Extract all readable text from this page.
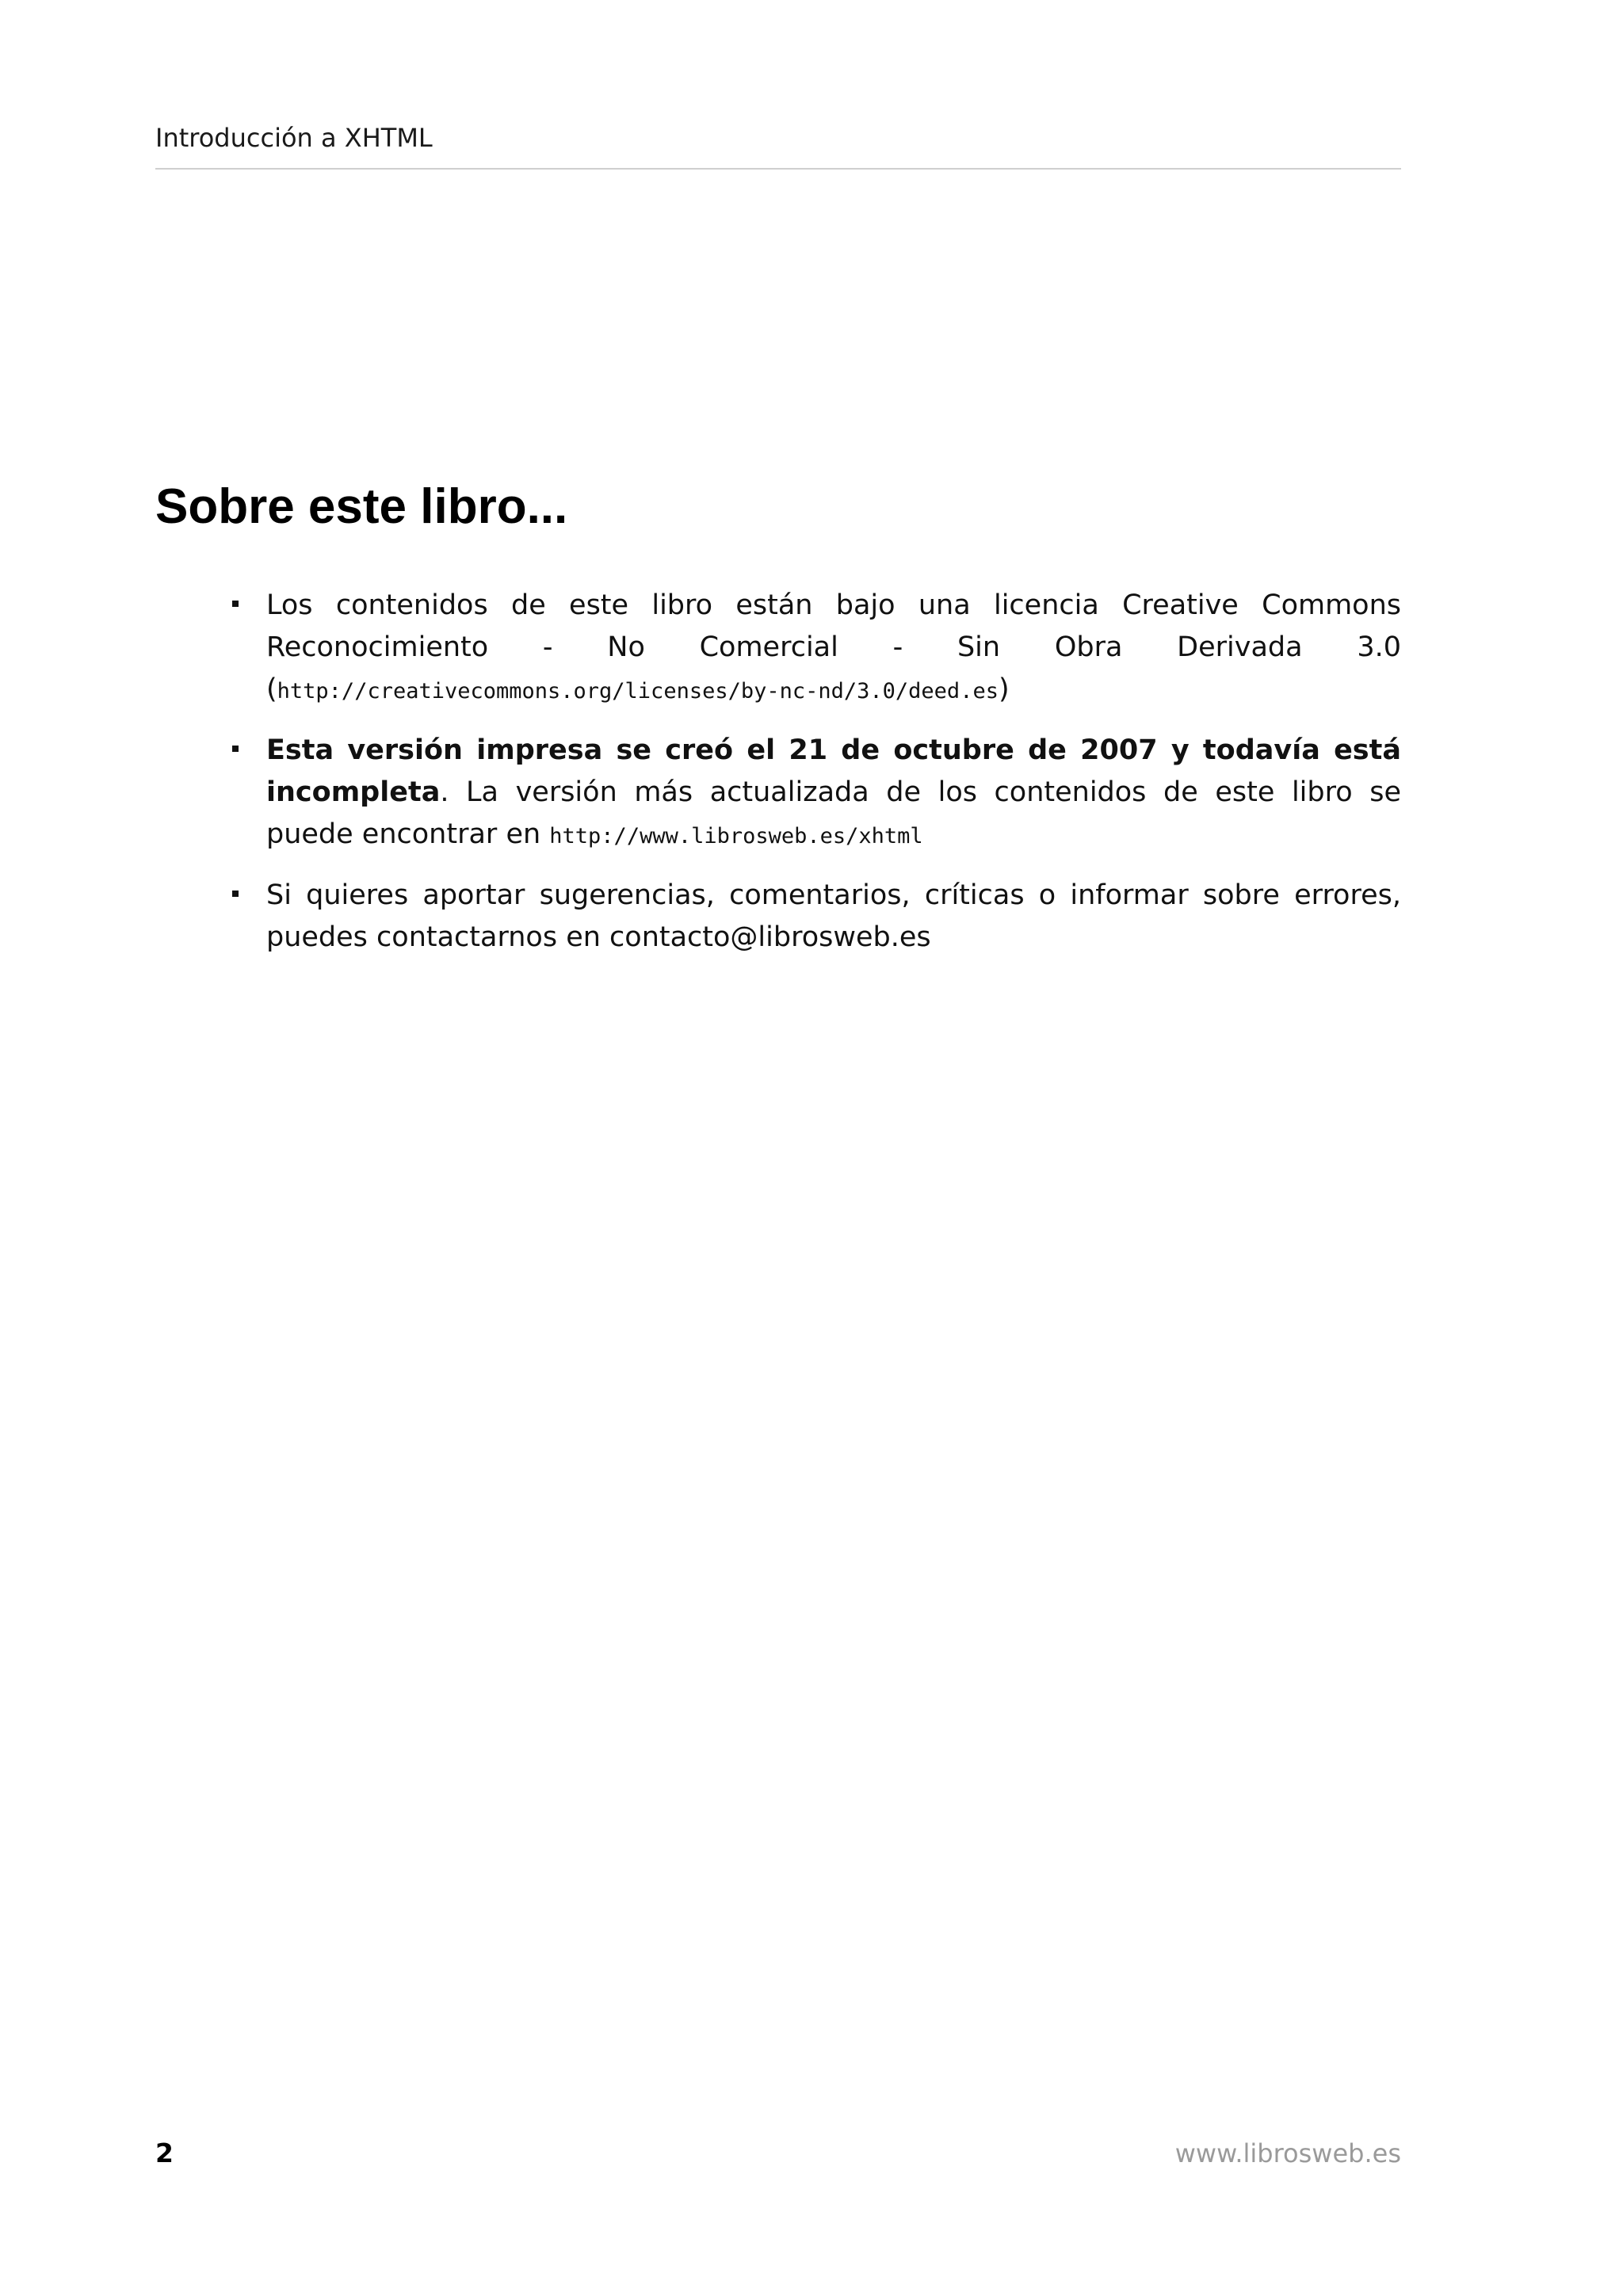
Introducción a XHTML
Sobre este libro...
Los contenidos de este libro están bajo una licencia Creative Commons Reconocimiento - No Comercial - Sin Obra Derivada 3.0 (http://creativecommons.org/licenses/by-nc-nd/3.0/deed.es)
Esta versión impresa se creó el 21 de octubre de 2007 y todavía está incompleta. La versión más actualizada de los contenidos de este libro se puede encontrar en http://www.librosweb.es/xhtml
Si quieres aportar sugerencias, comentarios, críticas o informar sobre errores, puedes contactarnos en contacto@librosweb.es
2	www.librosweb.es
